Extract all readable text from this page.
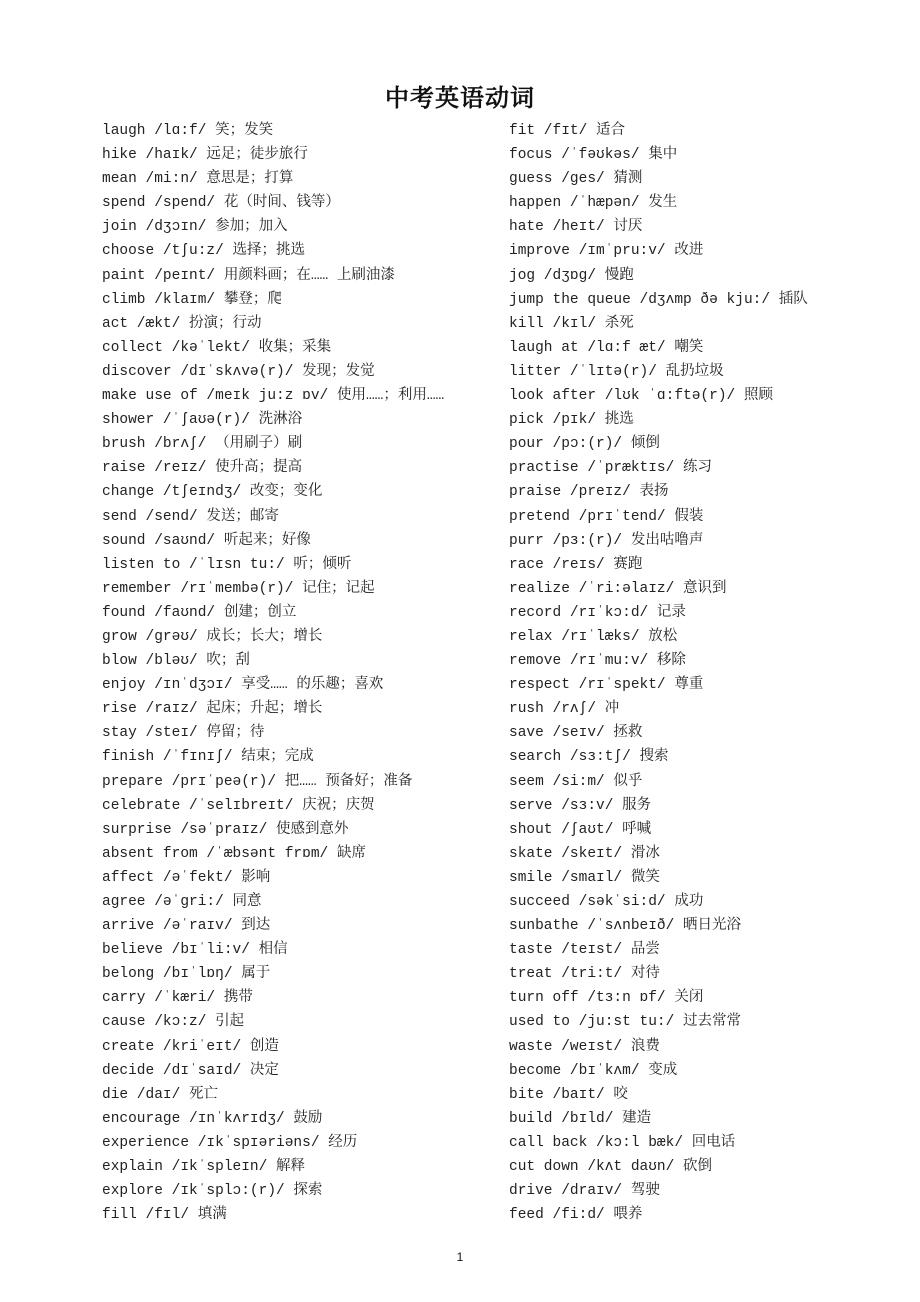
中考英语动词
laugh /lɑ:f/ 笑；发笑
hike /haɪk/ 远足；徒步旅行
mean /mi:n/ 意思是；打算
spend /spend/ 花（时间、钱等）
join /dʒɔɪn/ 参加；加入
choose /tʃu:z/ 选择；挑选
paint /peɪnt/ 用颜料画；在…… 上刷油漆
climb /klaɪm/ 攀登；爬
act /ækt/ 扮演；行动
collect /kəˈlekt/ 收集；采集
discover /dɪˈskʌvə(r)/ 发现；发觉
make use of /meɪk ju:z ɒv/ 使用……；利用……
shower /ˈʃaʊə(r)/ 洗淋浴
brush /brʌʃ/ （用刷子）刷
raise /reɪz/ 使升高；提高
change /tʃeɪndʒ/ 改变；变化
send /send/ 发送；邮寄
sound /saʊnd/ 听起来；好像
listen to /ˈlɪsn tu:/ 听；倾听
remember /rɪˈmembə(r)/ 记住；记起
found /faʊnd/ 创建；创立
grow /grəʊ/ 成长；长大；增长
blow /bləʊ/ 吹；刮
enjoy /ɪnˈdʒɔɪ/ 享受…… 的乐趣；喜欢
rise /raɪz/ 起床；升起；增长
stay /steɪ/ 停留；待
finish /ˈfɪnɪʃ/ 结束；完成
prepare /prɪˈpeə(r)/ 把…… 预备好；准备
celebrate /ˈselɪbreɪt/ 庆祝；庆贺
surprise /səˈpraɪz/ 使感到意外
absent from /ˈæbsənt frɒm/ 缺席
affect /əˈfekt/ 影响
agree /əˈgri:/ 同意
arrive /əˈraɪv/ 到达
believe /bɪˈli:v/ 相信
belong /bɪˈlɒŋ/ 属于
carry /ˈkæri/ 携带
cause /kɔ:z/ 引起
create /kriˈeɪt/ 创造
decide /dɪˈsaɪd/ 决定
die /daɪ/ 死亡
encourage /ɪnˈkʌrɪdʒ/ 鼓励
experience /ɪkˈspɪəriəns/ 经历
explain /ɪkˈspleɪn/ 解释
explore /ɪkˈsplɔ:(r)/ 探索
fill /fɪl/ 填满
fit /fɪt/ 适合
focus /ˈfəʊkəs/ 集中
guess /ges/ 猜测
happen /ˈhæpən/ 发生
hate /heɪt/ 讨厌
improve /ɪmˈpru:v/ 改进
jog /dʒɒg/ 慢跑
jump the queue /dʒʌmp ðə kju:/ 插队
kill /kɪl/ 杀死
laugh at /lɑ:f æt/ 嘲笑
litter /ˈlɪtə(r)/ 乱扔垃圾
look after /lʊk ˈɑ:ftə(r)/ 照顾
pick /pɪk/ 挑选
pour /pɔ:(r)/ 倾倒
practise /ˈpræktɪs/ 练习
praise /preɪz/ 表扬
pretend /prɪˈtend/ 假装
purr /pɜ:(r)/ 发出咕噜声
race /reɪs/ 赛跑
realize /ˈri:əlaɪz/ 意识到
record /rɪˈkɔ:d/ 记录
relax /rɪˈlæks/ 放松
remove /rɪˈmu:v/ 移除
respect /rɪˈspekt/ 尊重
rush /rʌʃ/ 冲
save /seɪv/ 拯救
search /sɜ:tʃ/ 搜索
seem /si:m/ 似乎
serve /sɜ:v/ 服务
shout /ʃaʊt/ 呼喊
skate /skeɪt/ 滑冰
smile /smaɪl/ 微笑
succeed /səkˈsi:d/ 成功
sunbathe /ˈsʌnbeɪð/ 晒日光浴
taste /teɪst/ 品尝
treat /tri:t/ 对待
turn off /tɜ:n ɒf/ 关闭
used to /ju:st tu:/ 过去常常
waste /weɪst/ 浪费
become /bɪˈkʌm/ 变成
bite /baɪt/ 咬
build /bɪld/ 建造
call back /kɔ:l bæk/ 回电话
cut down /kʌt daʊn/ 砍倒
drive /draɪv/ 驾驶
feed /fi:d/ 喂养
1
